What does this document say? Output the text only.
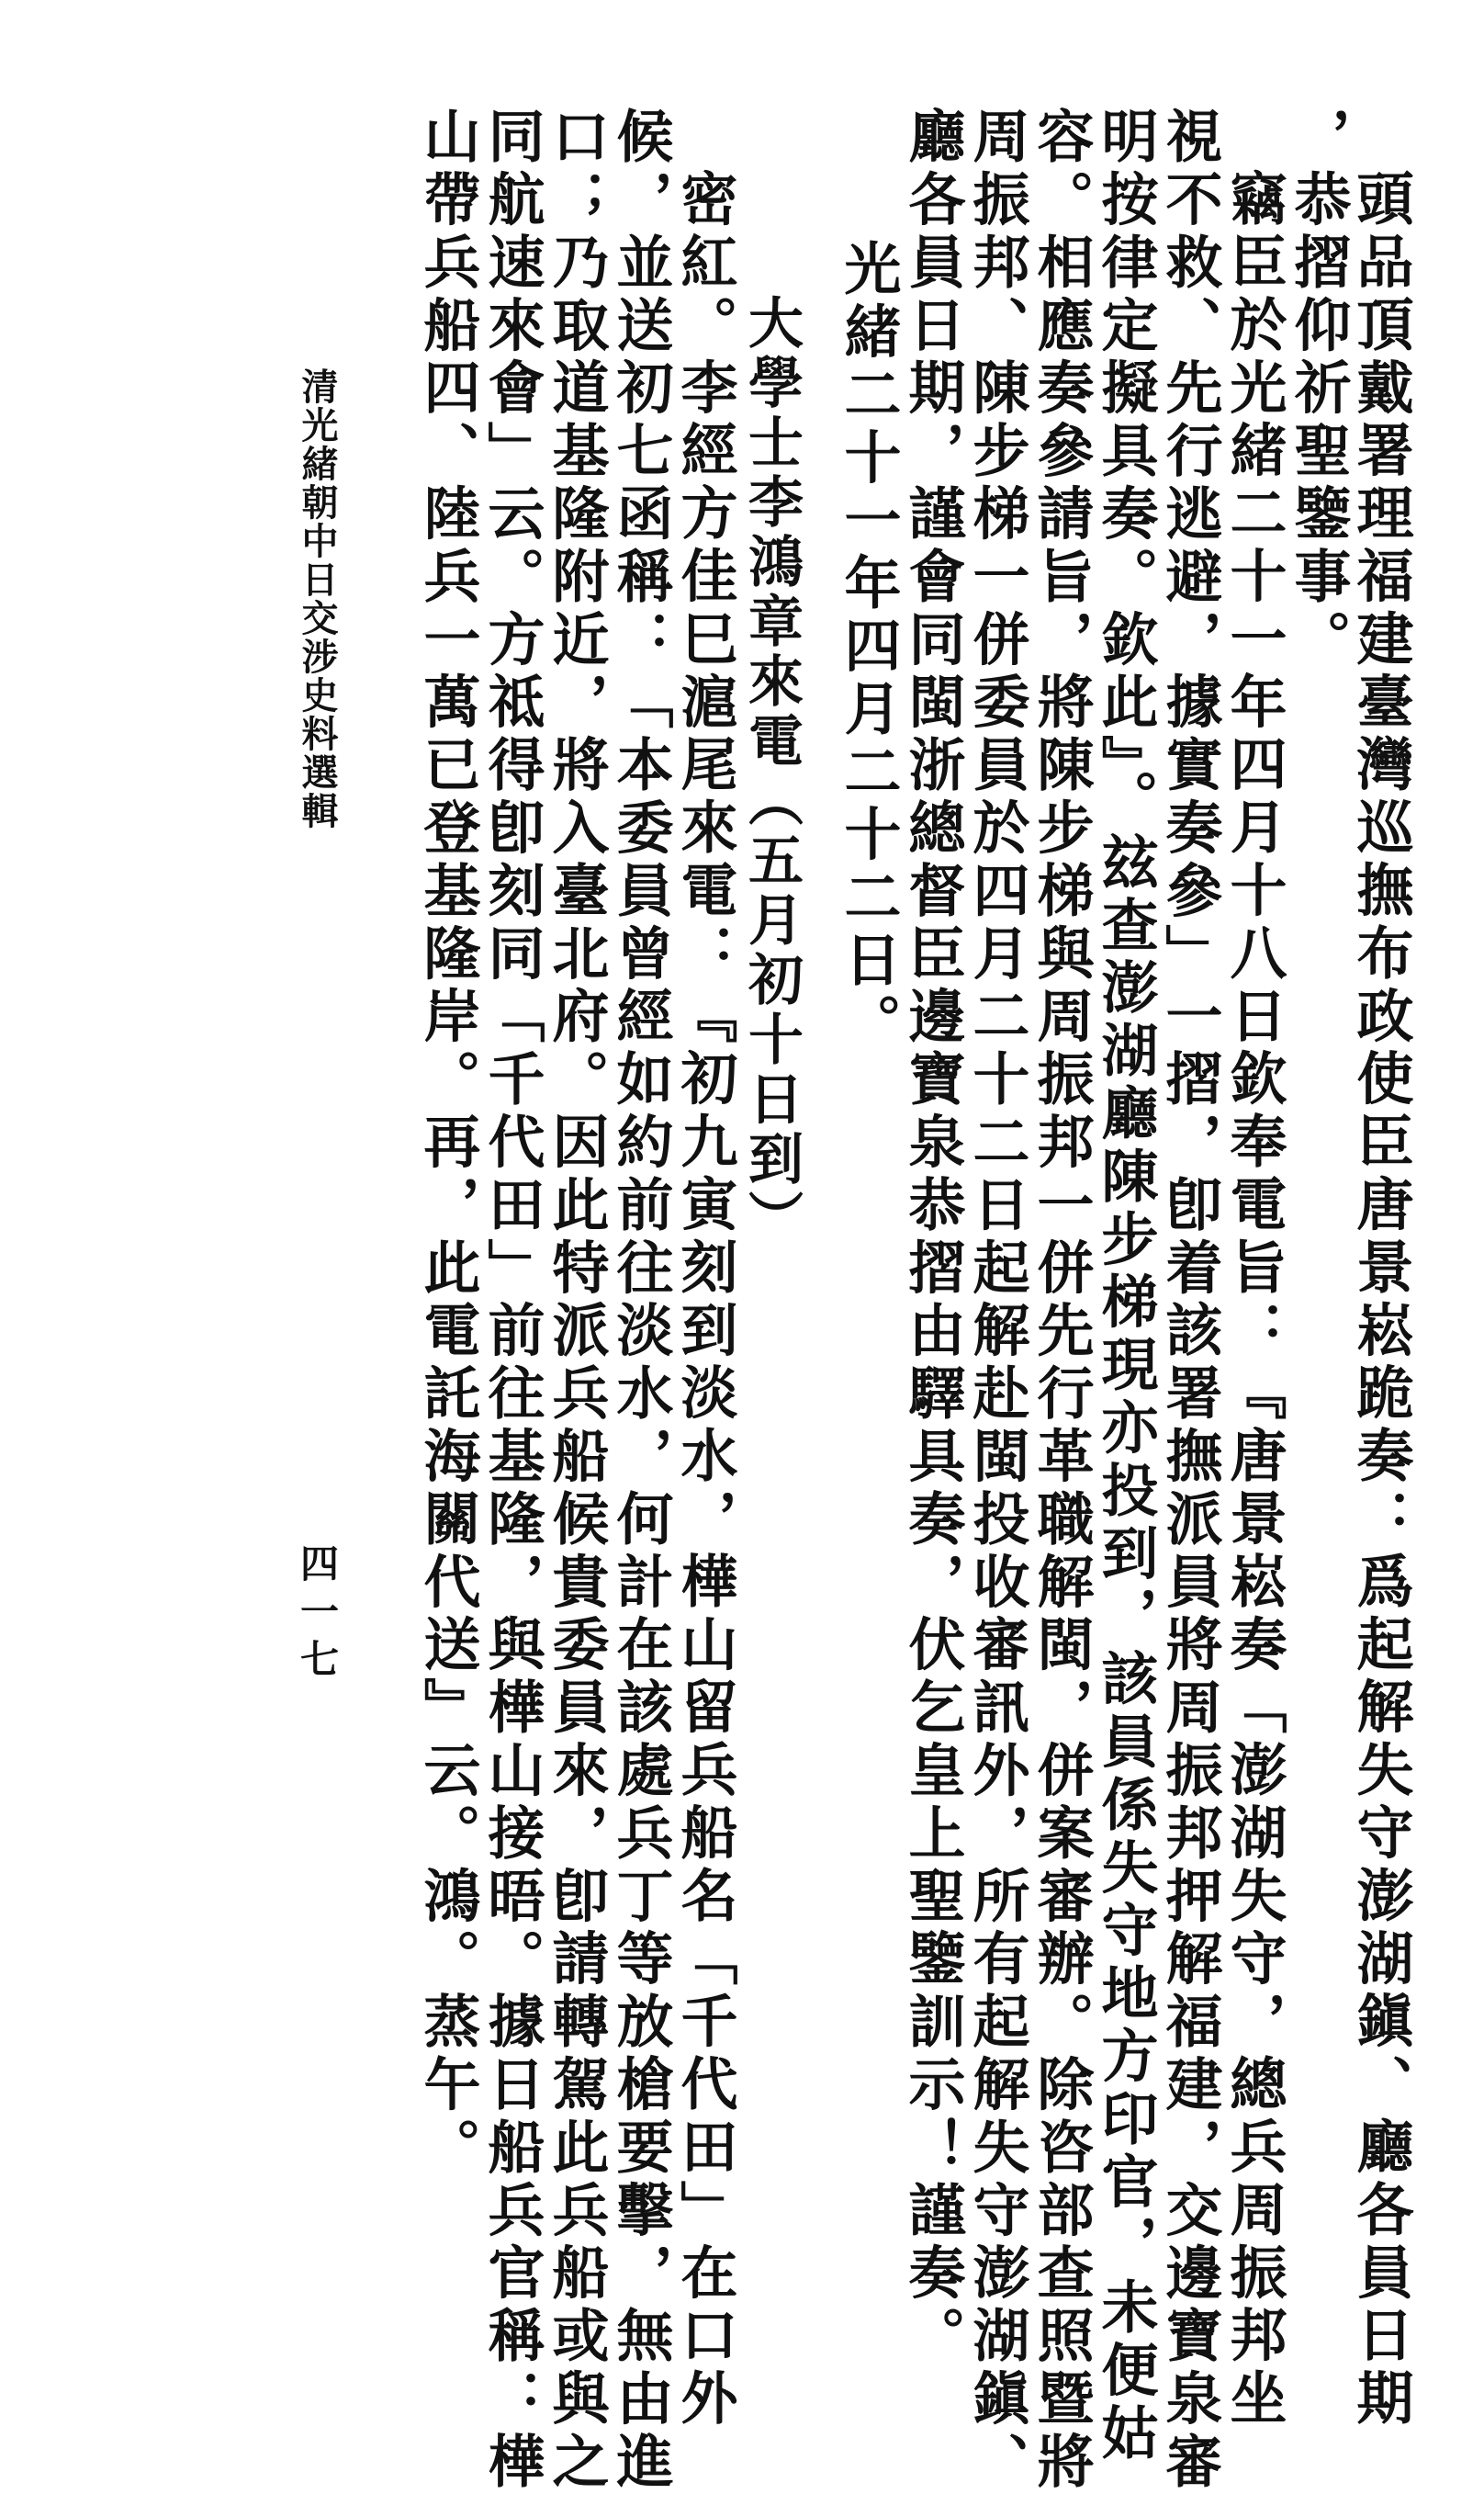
頭品頂戴署理福建臺灣巡撫布政使臣唐景崧跪奏：爲起解失守澎湖鎭、廳各員日期
，恭摺仰祈聖鑒事。
竊臣於光緒二十一年四月十八日欽奉電旨：『唐景崧奏「澎湖失守，總兵周振邦坐
視不救、先行逃避，據實奏參」一摺，卽着該署撫派員將周振邦押解福建，交邊寶泉審
明按律定擬具奏。欽此』。玆查澎湖廳陳步梯現亦投到，該員係失守地方印官，未便姑
容。相應奏參請旨，將陳步梯與周振邦一併先行革職解閩，併案審辦。除咨部查照暨將
周振邦、陳步梯一併委員於四月二十二日起解赴閩投收審訊外，所有起解失守澎湖鎭、
廳各員日期，謹會同閩浙總督臣邊寶泉恭摺由驛具奏，伏乞皇上聖鑒訓示！謹奏。
光緒二十一年四月二十二日。
大學士李鴻章來電（五月初十日到）
密紅。李經方佳巳滬尾來電：『初九寅刻到淡水，樺山留兵船名「千代田」在口外
候，並送初七函稱：「本委員曾經如約前往淡水，何計在該處兵丁等放槍要擊，無由進
口；乃取道基隆附近，將入臺北府。因此特派兵船候貴委員來，卽請轉駕此兵船或與之
同航速來會」云。方祗得卽刻同「千代田」前往基隆，與樺山接晤。據日船兵官稱：樺
山帶兵船四、陸兵一萬已登基隆岸。再，此電託海關代送』云。鴻。蒸午。
清光緒朝中日交涉史料選輯
四一七
